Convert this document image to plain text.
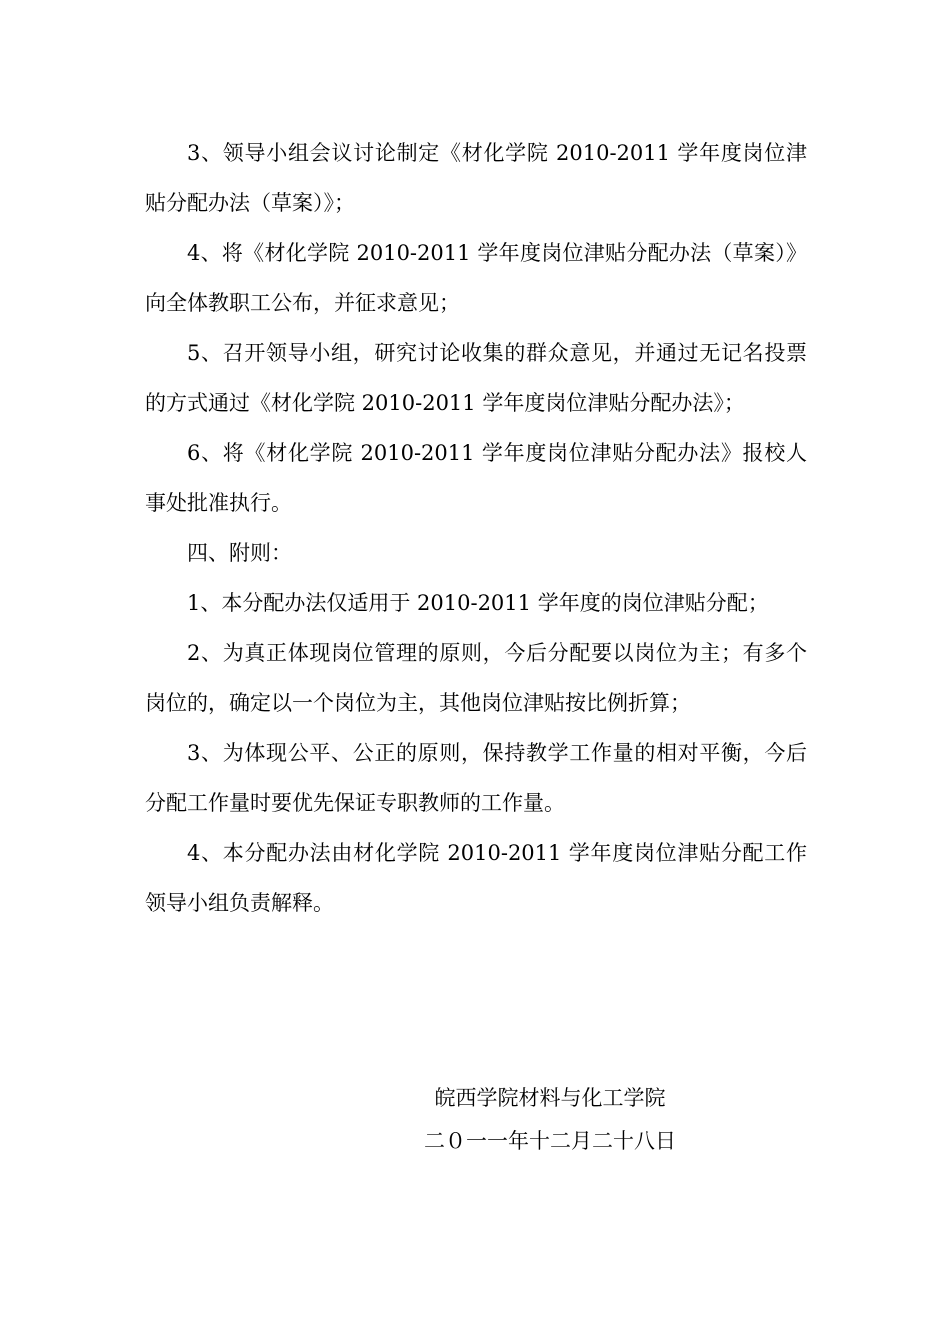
3、领导小组会议讨论制定《材化学院 2010-2011 学年度岗位津贴分配办法（草案）》；

4、将《材化学院 2010-2011 学年度岗位津贴分配办法（草案）》向全体教职工公布，并征求意见；

5、召开领导小组，研究讨论收集的群众意见，并通过无记名投票的方式通过《材化学院 2010-2011 学年度岗位津贴分配办法》；

6、将《材化学院 2010-2011 学年度岗位津贴分配办法》报校人事处批准执行。

四、附则：

1、本分配办法仅适用于 2010-2011 学年度的岗位津贴分配；

2、为真正体现岗位管理的原则，今后分配要以岗位为主；有多个岗位的，确定以一个岗位为主，其他岗位津贴按比例折算；

3、为体现公平、公正的原则，保持教学工作量的相对平衡，今后分配工作量时要优先保证专职教师的工作量。

4、本分配办法由材化学院 2010-2011 学年度岗位津贴分配工作领导小组负责解释。

皖西学院材料与化工学院

二０一一年十二月二十八日
